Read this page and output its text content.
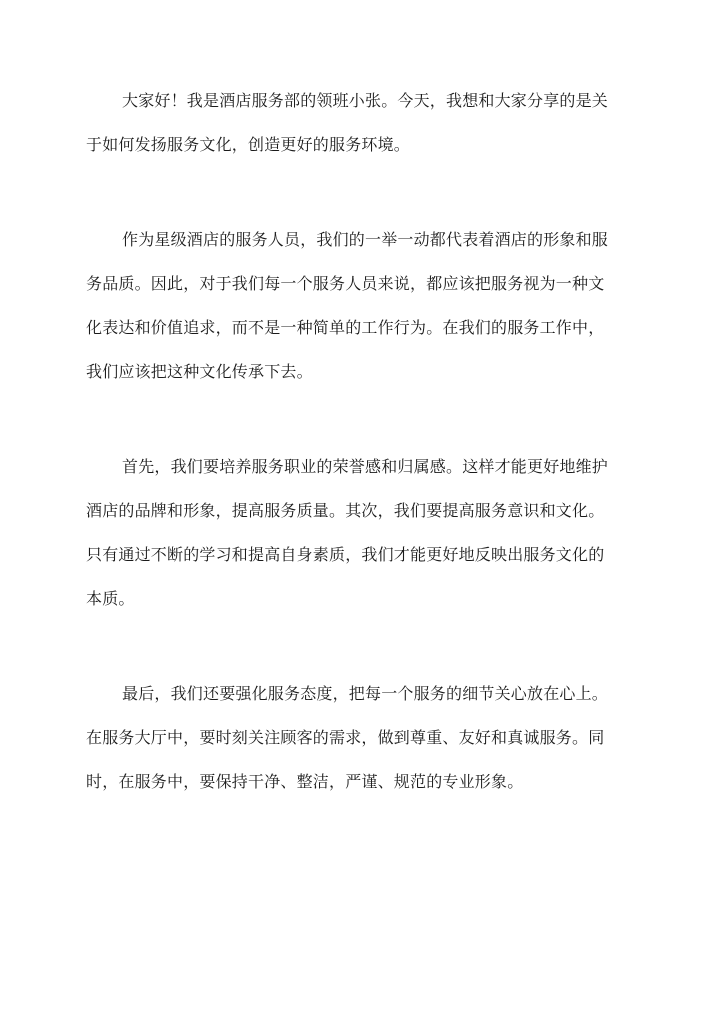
大家好！我是酒店服务部的领班小张。今天，我想和大家分享的是关
于如何发扬服务文化，创造更好的服务环境。

作为星级酒店的服务人员，我们的一举一动都代表着酒店的形象和服
务品质。因此，对于我们每一个服务人员来说，都应该把服务视为一种文
化表达和价值追求，而不是一种简单的工作行为。在我们的服务工作中，
我们应该把这种文化传承下去。

首先，我们要培养服务职业的荣誉感和归属感。这样才能更好地维护
酒店的品牌和形象，提高服务质量。其次，我们要提高服务意识和文化。
只有通过不断的学习和提高自身素质，我们才能更好地反映出服务文化的
本质。

最后，我们还要强化服务态度，把每一个服务的细节关心放在心上。
在服务大厅中，要时刻关注顾客的需求，做到尊重、友好和真诚服务。同
时，在服务中，要保持干净、整洁，严谨、规范的专业形象。
